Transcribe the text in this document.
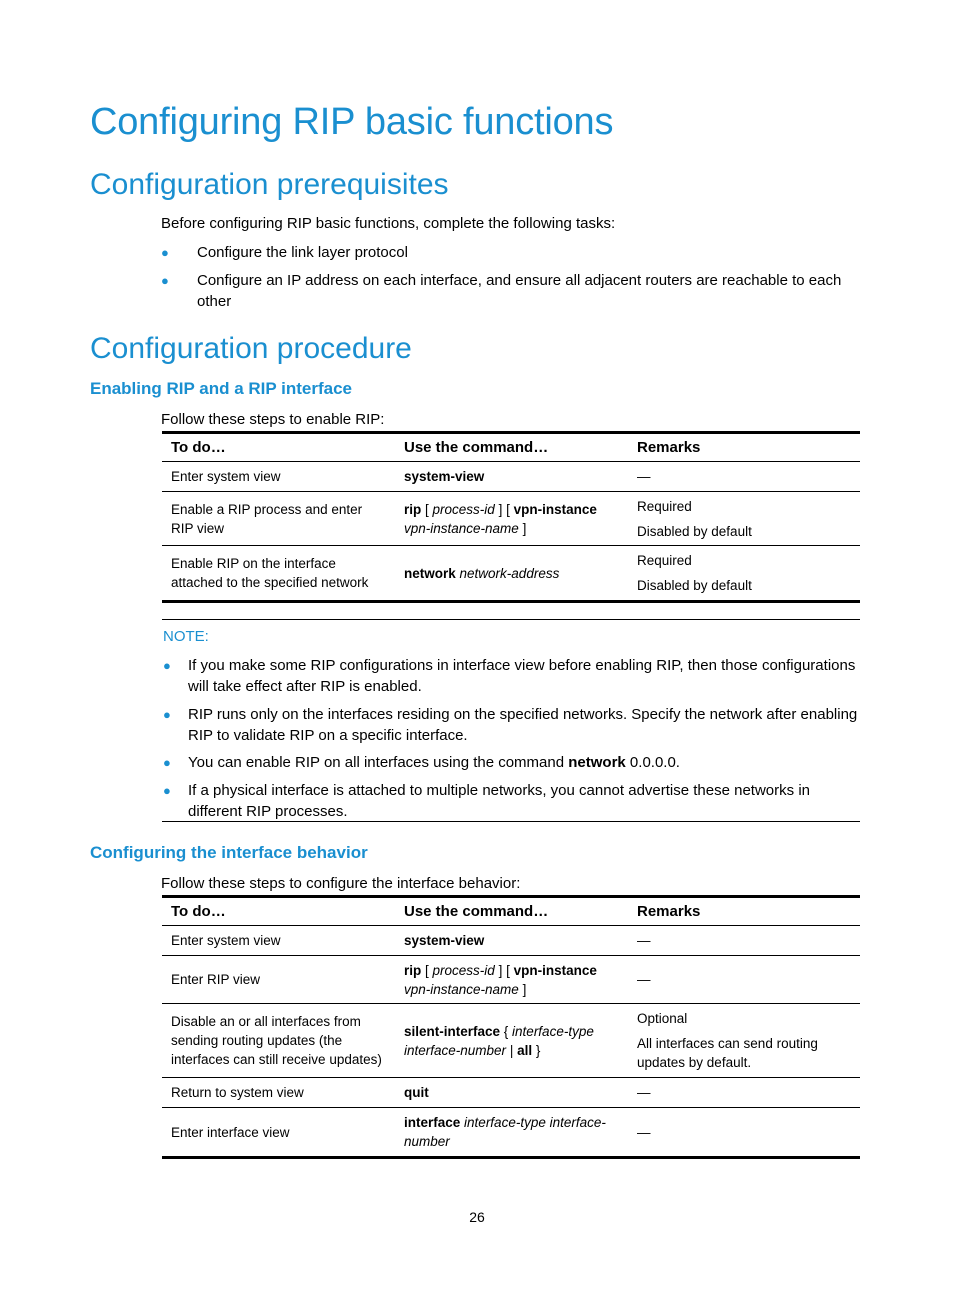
Configuring RIP basic functions
Configuration prerequisites

Before configuring RIP basic functions, complete the following tasks:

● Configure the link layer protocol
● Configure an IP address on each interface, and ensure all adjacent routers are reachable to each other
Configuration procedure
Enabling RIP and a RIP interface

Follow these steps to enable RIP:

To do…	Use the command…	Remarks
Enter system view	system-view	—

Enable a RIP process and enter RIP view	rip [ process-id ] [ vpn-instance vpn-instance-name ]	Required
Disabled by default

Enable RIP on the interface attached to the specified network	network network-address	Required
Disabled by default
NOTE:
● If you make some RIP configurations in interface view before enabling RIP, then those configurations will take effect after RIP is enabled.
● RIP runs only on the interfaces residing on the specified networks. Specify the network after enabling RIP to validate RIP on a specific interface.
● You can enable RIP on all interfaces using the command network 0.0.0.0.
● If a physical interface is attached to multiple networks, you cannot advertise these networks in different RIP processes.
Configuring the interface behavior

Follow these steps to configure the interface behavior:

To do…	Use the command…	Remarks
Enter system view	system-view	—

Enter RIP view	rip [ process-id ] [ vpn-instance vpn-instance-name ]	—

Disable an or all interfaces from sending routing updates (the interfaces can still receive updates)	silent-interface { interface-type interface-number | all }	Optional
All interfaces can send routing updates by default.

Return to system view	quit	—

Enter interface view	interface interface-type interface-number	—
26
